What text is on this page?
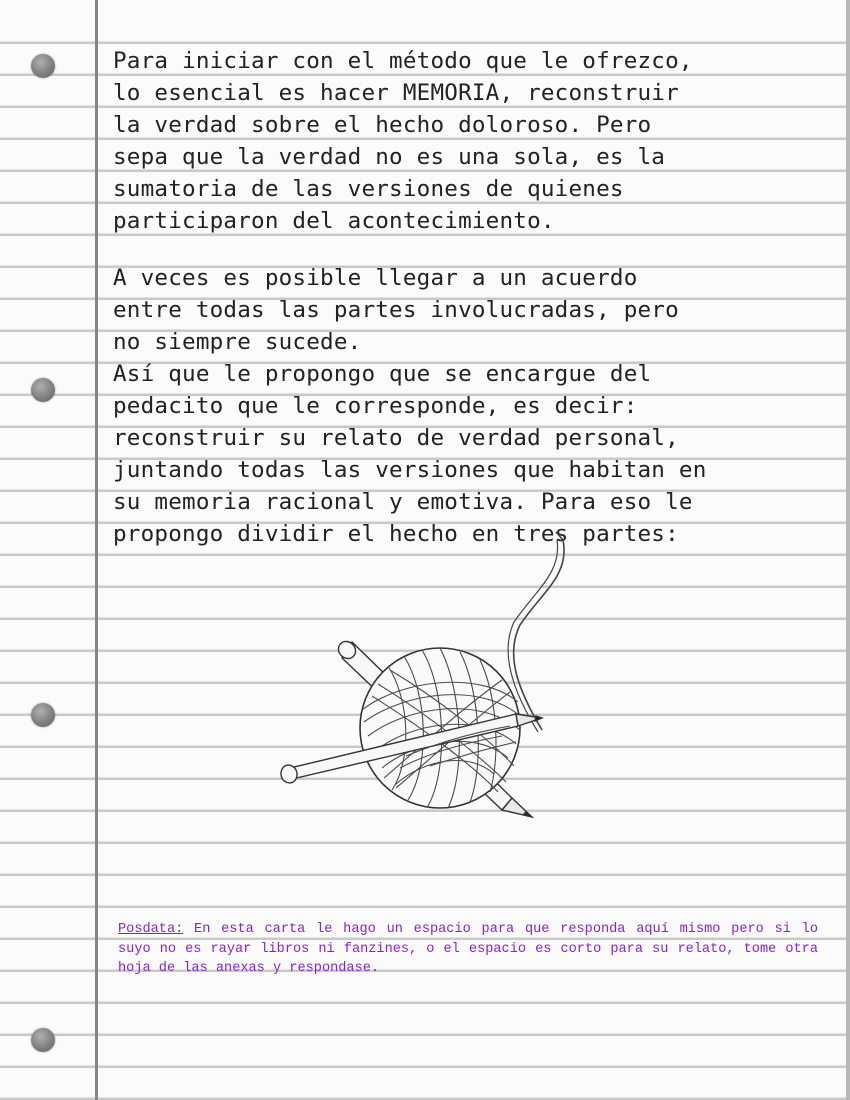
Para iniciar con el método que le ofrezco,
lo esencial es hacer MEMORIA, reconstruir
la verdad sobre el hecho doloroso. Pero
sepa que la verdad no es una sola, es la
sumatoria de las versiones de quienes
participaron del acontecimiento.

A veces es posible llegar a un acuerdo
entre todas las partes involucradas, pero
no siempre sucede.
Así que le propongo que se encargue del
pedacito que le corresponde, es decir:
reconstruir su relato de verdad personal,
juntando todas las versiones que habitan en
su memoria racional y emotiva. Para eso le
propongo dividir el hecho en tres partes:

Posdata: En esta carta le hago un espacio para que responda aquí mismo pero si lo suyo no es rayar libros ni fanzines, o el espacio es corto para su relato, tome otra hoja de las anexas y respondase.
